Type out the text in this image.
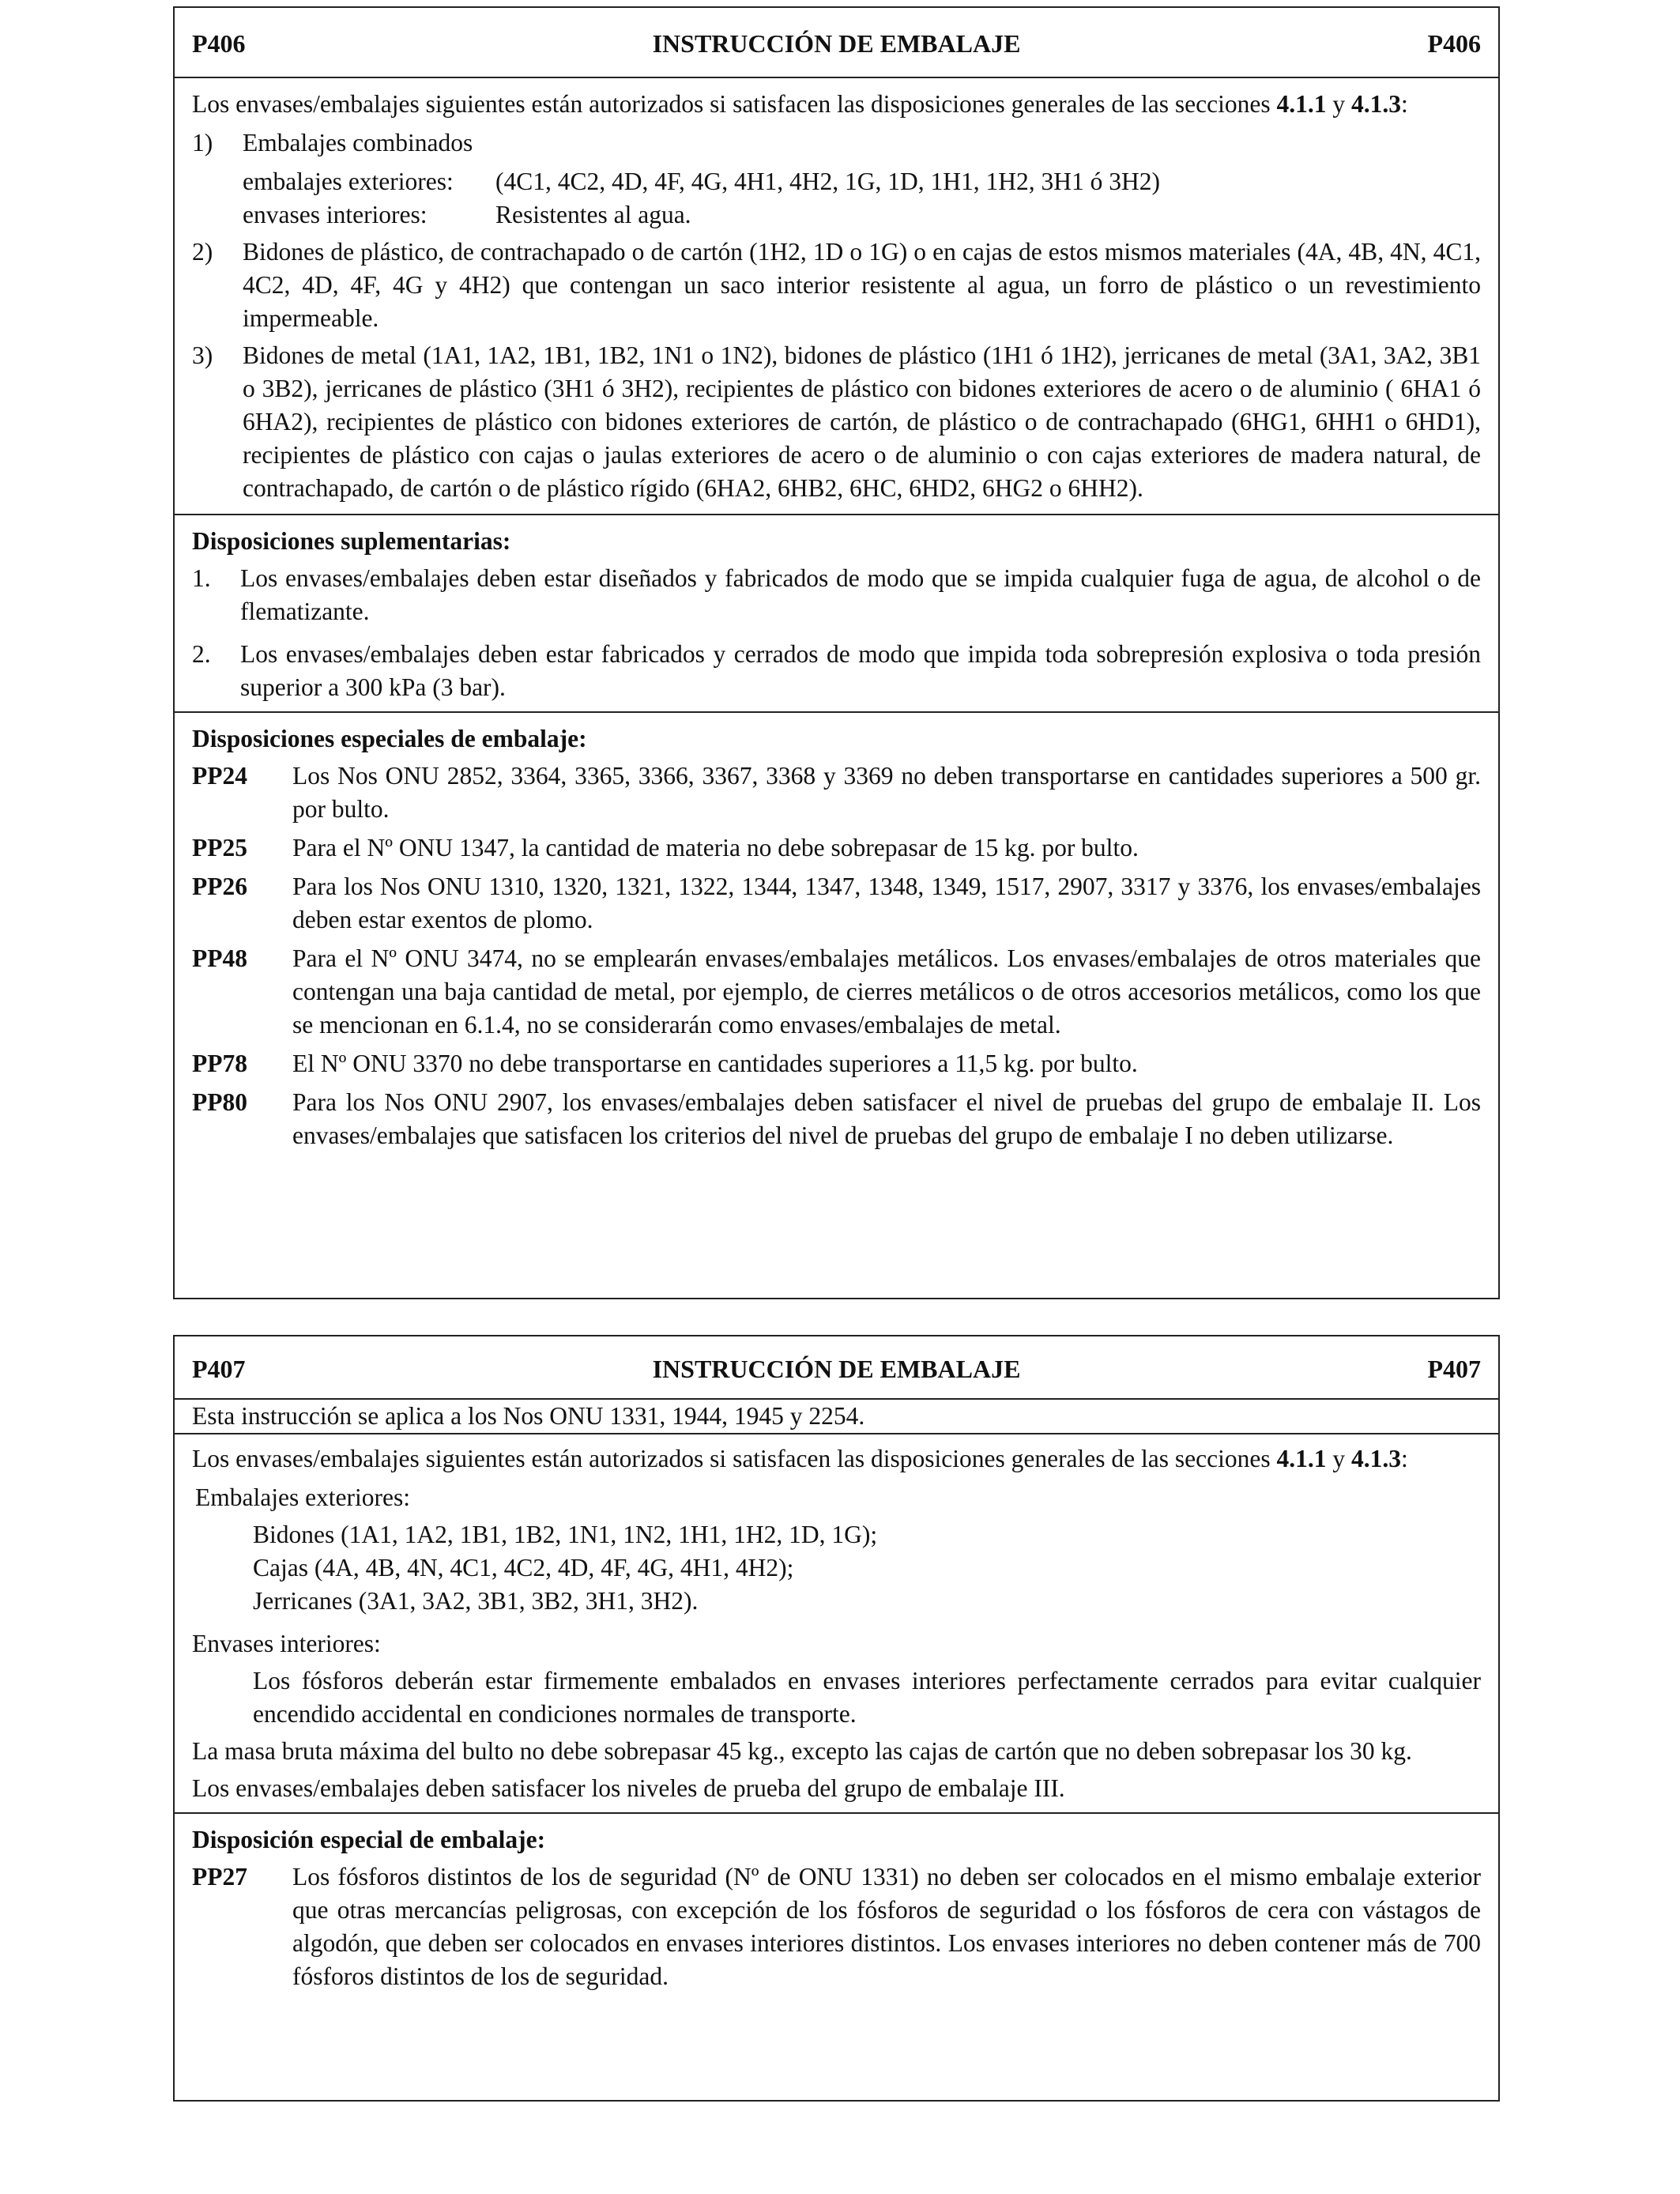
P406	INSTRUCCIÓN DE EMBALAJE	P406
Los envases/embalajes siguientes están autorizados si satisfacen las disposiciones generales de las secciones 4.1.1 y 4.1.3:
1)	Embalajes combinados
embalajes exteriores:	(4C1, 4C2, 4D, 4F, 4G, 4H1, 4H2, 1G, 1D, 1H1, 1H2, 3H1 ó 3H2)
envases interiores:	Resistentes al agua.
2)	Bidones de plástico, de contrachapado o de cartón (1H2, 1D o 1G) o en cajas de estos mismos materiales (4A, 4B, 4N, 4C1, 4C2, 4D, 4F, 4G y 4H2) que contengan un saco interior resistente al agua, un forro de plástico o un revestimiento impermeable.
3)	Bidones de metal (1A1, 1A2, 1B1, 1B2, 1N1 o 1N2), bidones de plástico (1H1 ó 1H2), jerricanes de metal (3A1, 3A2, 3B1 o 3B2), jerricanes de plástico (3H1 ó 3H2), recipientes de plástico con bidones exteriores de acero o de aluminio ( 6HA1 ó 6HA2), recipientes de plástico con bidones exteriores de cartón, de plástico o de contrachapado (6HG1, 6HH1 o 6HD1), recipientes de plástico con cajas o jaulas exteriores de acero o de aluminio o con cajas exteriores de madera natural, de contrachapado, de cartón o de plástico rígido (6HA2, 6HB2, 6HC, 6HD2, 6HG2 o 6HH2).
Disposiciones suplementarias:
1.	Los envases/embalajes deben estar diseñados y fabricados de modo que se impida cualquier fuga de agua, de alcohol o de flematizante.
2.	Los envases/embalajes deben estar fabricados y cerrados de modo que impida toda sobrepresión explosiva o toda presión superior a 300 kPa (3 bar).
Disposiciones especiales de embalaje:
PP24	Los Nos ONU 2852, 3364, 3365, 3366, 3367, 3368 y 3369 no deben transportarse en cantidades superiores a 500 gr. por bulto.
PP25	Para el Nº ONU 1347, la cantidad de materia no debe sobrepasar de 15 kg. por bulto.
PP26	Para los Nos ONU 1310, 1320, 1321, 1322, 1344, 1347, 1348, 1349, 1517, 2907, 3317 y 3376, los envases/embalajes deben estar exentos de plomo.
PP48	Para el Nº ONU 3474, no se emplearán envases/embalajes metálicos. Los envases/embalajes de otros materiales que contengan una baja cantidad de metal, por ejemplo, de cierres metálicos o de otros accesorios metálicos, como los que se mencionan en 6.1.4, no se considerarán como envases/embalajes de metal.
PP78	El Nº ONU 3370 no debe transportarse en cantidades superiores a 11,5 kg. por bulto.
PP80	Para los Nos ONU 2907, los envases/embalajes deben satisfacer el nivel de pruebas del grupo de embalaje II. Los envases/embalajes que satisfacen los criterios del nivel de pruebas del grupo de embalaje I no deben utilizarse.
P407	INSTRUCCIÓN DE EMBALAJE	P407
Esta instrucción se aplica a los Nos ONU 1331, 1944, 1945 y 2254.
Los envases/embalajes siguientes están autorizados si satisfacen las disposiciones generales de las secciones 4.1.1 y 4.1.3:
Embalajes exteriores:
Bidones (1A1, 1A2, 1B1, 1B2, 1N1, 1N2, 1H1, 1H2, 1D, 1G);
Cajas (4A, 4B, 4N, 4C1, 4C2, 4D, 4F, 4G, 4H1, 4H2);
Jerricanes (3A1, 3A2, 3B1, 3B2, 3H1, 3H2).
Envases interiores:
Los fósforos deberán estar firmemente embalados en envases interiores perfectamente cerrados para evitar cualquier encendido accidental en condiciones normales de transporte.
La masa bruta máxima del bulto no debe sobrepasar 45 kg., excepto las cajas de cartón que no deben sobrepasar los 30 kg.
Los envases/embalajes deben satisfacer los niveles de prueba del grupo de embalaje III.
Disposición especial de embalaje:
PP27	Los fósforos distintos de los de seguridad (Nº de ONU 1331) no deben ser colocados en el mismo embalaje exterior que otras mercancías peligrosas, con excepción de los fósforos de seguridad o los fósforos de cera con vástagos de algodón, que deben ser colocados en envases interiores distintos. Los envases interiores no deben contener más de 700 fósforos distintos de los de seguridad.
